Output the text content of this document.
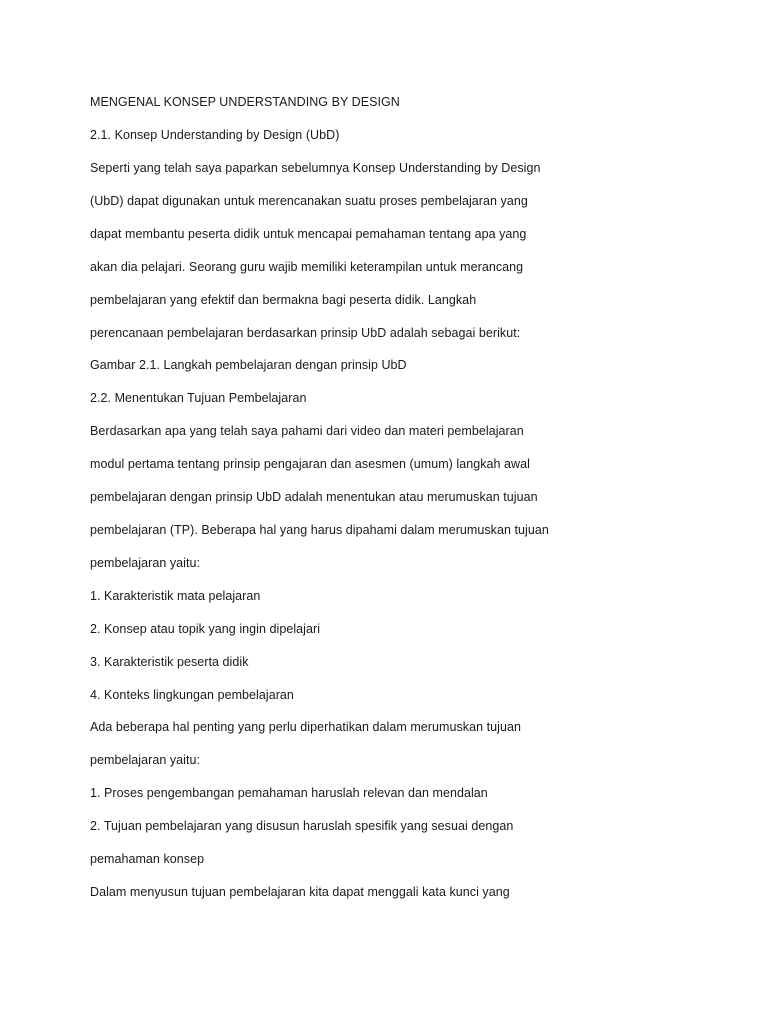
MENGENAL KONSEP UNDERSTANDING BY DESIGN
2.1. Konsep Understanding by Design (UbD)
Seperti yang telah saya paparkan sebelumnya Konsep Understanding by Design
(UbD) dapat digunakan untuk merencanakan suatu proses pembelajaran yang
dapat membantu peserta didik untuk mencapai pemahaman tentang apa yang
akan dia pelajari. Seorang guru wajib memiliki keterampilan untuk merancang
pembelajaran yang efektif dan bermakna bagi peserta didik. Langkah
perencanaan pembelajaran berdasarkan prinsip UbD adalah sebagai berikut:
Gambar 2.1. Langkah pembelajaran dengan prinsip UbD
2.2. Menentukan Tujuan Pembelajaran
Berdasarkan apa yang telah saya pahami dari video dan materi pembelajaran
modul pertama tentang prinsip pengajaran dan asesmen (umum) langkah awal
pembelajaran dengan prinsip UbD adalah menentukan atau merumuskan tujuan
pembelajaran (TP). Beberapa hal yang harus dipahami dalam merumuskan tujuan
pembelajaran yaitu:
1. Karakteristik mata pelajaran
2. Konsep atau topik yang ingin dipelajari
3. Karakteristik peserta didik
4. Konteks lingkungan pembelajaran
Ada beberapa hal penting yang perlu diperhatikan dalam merumuskan tujuan
pembelajaran yaitu:
1. Proses pengembangan pemahaman haruslah relevan dan mendalan
2. Tujuan pembelajaran yang disusun haruslah spesifik yang sesuai dengan
pemahaman konsep
Dalam menyusun tujuan pembelajaran kita dapat menggali kata kunci yang
